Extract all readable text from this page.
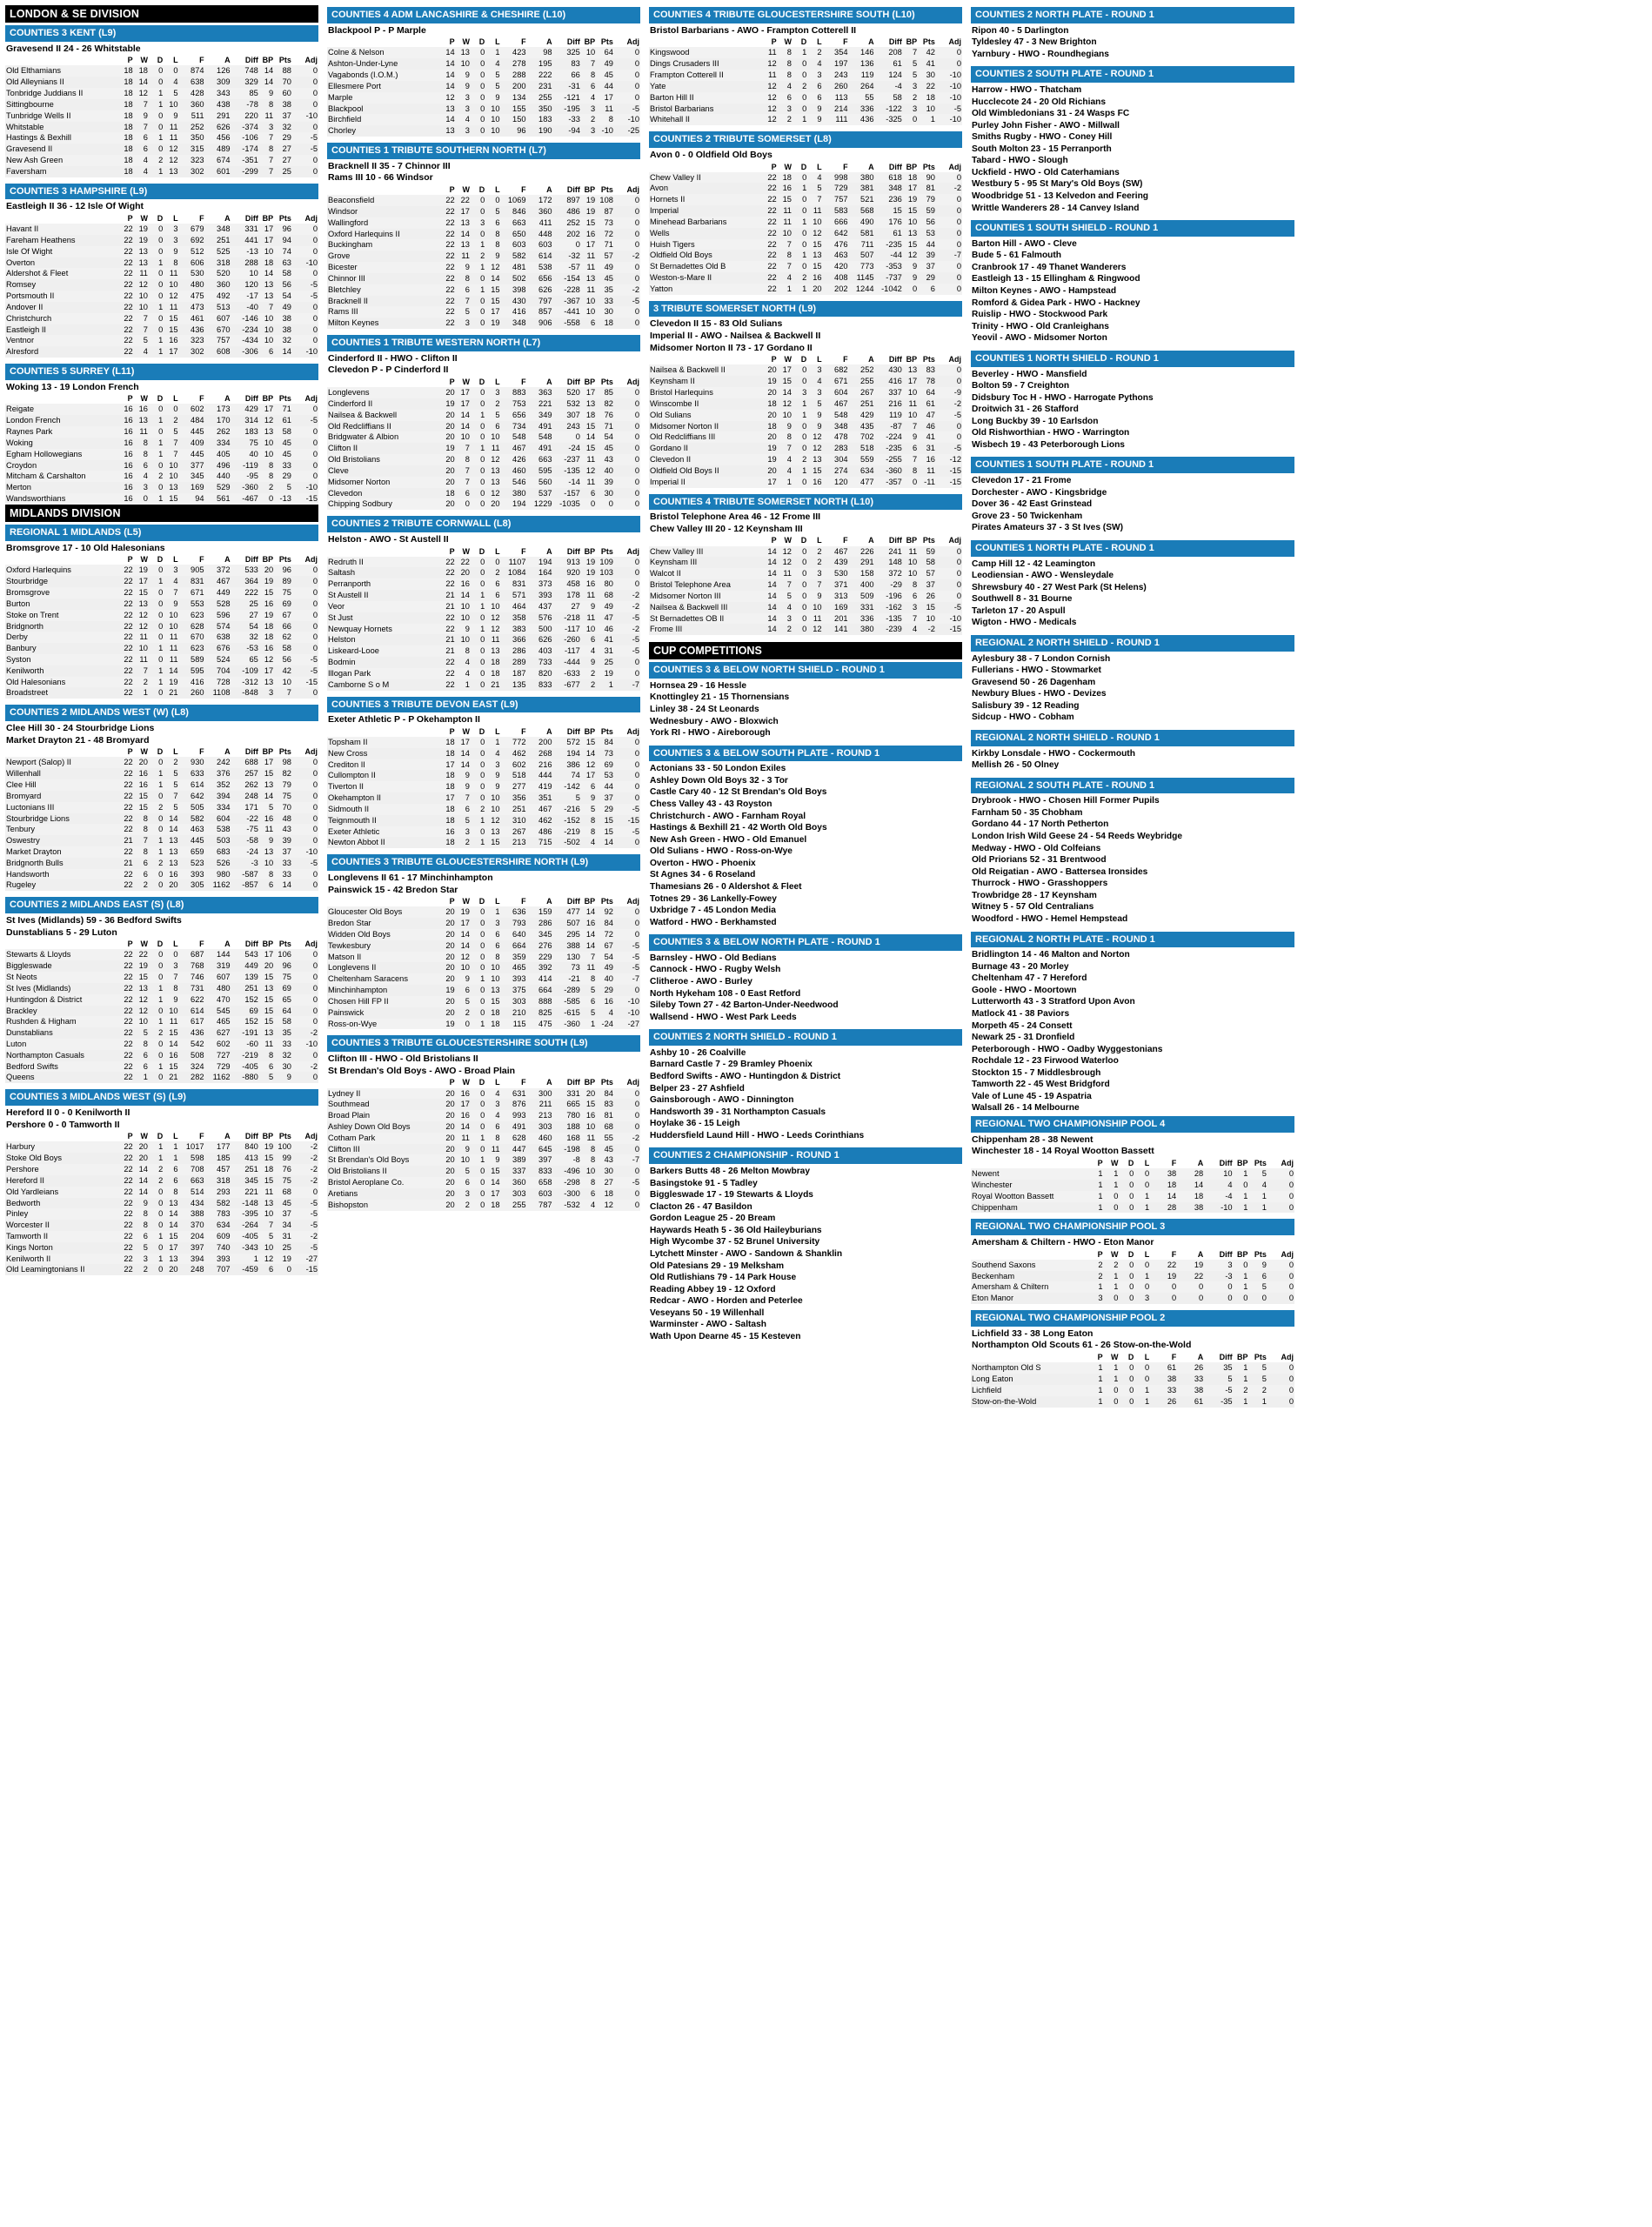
LONDON & SE DIVISION
COUNTIES 3 KENT (L9)
Gravesend II 24 - 26 Whitstable
	P	W	D	L	F	A	Diff	BP	Pts	Adj
Old Elthamians	18	18	0	0	874	126	748	14	88	0
Old Alleynians II	18	14	0	4	638	309	329	14	70	0
Tonbridge Juddians II	18	12	1	5	428	343	85	9	60	0
Sittingbourne	18	7	1	10	360	438	-78	8	38	0
Tunbridge Wells II	18	9	0	9	511	291	220	11	37	-10
Whitstable	18	7	0	11	252	626	-374	3	32	0
Hastings & Bexhill	18	6	1	11	350	456	-106	7	29	-5
Gravesend II	18	6	0	12	315	489	-174	8	27	-5
New Ash Green	18	4	2	12	323	674	-351	7	27	0
Faversham	18	4	1	13	302	601	-299	7	25	0
COUNTIES 3 HAMPSHIRE (L9)
Eastleigh II 36 - 12 Isle Of Wight
	P	W	D	L	F	A	Diff	BP	Pts	Adj
Havant II	22	19	0	3	679	348	331	17	96	0
Fareham Heathens	22	19	0	3	692	251	441	17	94	0
Isle Of Wight	22	13	0	9	512	525	-13	10	74	0
Overton	22	13	1	8	606	318	288	18	63	-10
Aldershot & Fleet	22	11	0	11	530	520	10	14	58	0
Romsey	22	12	0	10	480	360	120	13	56	-5
Portsmouth II	22	10	0	12	475	492	-17	13	54	-5
Andover II	22	10	1	11	473	513	-40	7	49	0
Christchurch	22	7	0	15	461	607	-146	10	38	0
Eastleigh II	22	7	0	15	436	670	-234	10	38	0
Ventnor	22	5	1	16	323	757	-434	10	32	0
Alresford	22	4	1	17	302	608	-306	6	14	-10
COUNTIES 5 SURREY (L11)
Woking 13 - 19 London French
	P	W	D	L	F	A	Diff	BP	Pts	Adj
Reigate	16	16	0	0	602	173	429	17	71	0
London French	16	13	1	2	484	170	314	12	61	-5
Raynes Park	16	11	0	5	445	262	183	13	58	0
Woking	16	8	1	7	409	334	75	10	45	0
Egham Hollowegians	16	8	1	7	445	405	40	10	45	0
Croydon	16	6	0	10	377	496	-119	8	33	0
Mitcham & Carshalton	16	4	2	10	345	440	-95	8	29	0
Merton	16	3	0	13	169	529	-360	2	5	-10
Wandsworthians	16	0	1	15	94	561	-467	0	-13	-15
MIDLANDS DIVISION
REGIONAL 1 MIDLANDS (L5)
Bromsgrove 17 - 10 Old Halesonians
	P	W	D	L	F	A	Diff	BP	Pts	Adj
Oxford Harlequins	22	19	0	3	905	372	533	20	96	0
Stourbridge	22	17	1	4	831	467	364	19	89	0
Bromsgrove	22	15	0	7	671	449	222	15	75	0
Burton	22	13	0	9	553	528	25	16	69	0
Stoke on Trent	22	12	0	10	623	596	27	19	67	0
Bridgnorth	22	12	0	10	628	574	54	18	66	0
Derby	22	11	0	11	670	638	32	18	62	0
Banbury	22	10	1	11	623	676	-53	16	58	0
Syston	22	11	0	11	589	524	65	12	56	-5
Kenilworth	22	7	1	14	595	704	-109	17	42	-5
Old Halesonians	22	2	1	19	416	728	-312	13	10	-15
Broadstreet	22	1	0	21	260	1108	-848	3	7	0
COUNTIES 2 MIDLANDS WEST (W) (L8)
Clee Hill 30 - 24 Stourbridge Lions
Market Drayton 21 - 48 Bromyard
	P	W	D	L	F	A	Diff	BP	Pts	Adj
Newport (Salop) II	22	20	0	2	930	242	688	17	98	0
Willenhall	22	16	1	5	633	376	257	15	82	0
Clee Hill	22	16	1	5	614	352	262	13	79	0
Bromyard	22	15	0	7	642	394	248	14	75	0
Luctonians III	22	15	2	5	505	334	171	5	70	0
Stourbridge Lions	22	8	0	14	582	604	-22	16	48	0
Tenbury	22	8	0	14	463	538	-75	11	43	0
Oswestry	21	7	1	13	445	503	-58	9	39	0
Market Drayton	22	8	1	13	659	683	-24	13	37	-10
Bridgnorth Bulls	21	6	2	13	523	526	-3	10	33	-5
Handsworth	22	6	0	16	393	980	-587	8	33	0
Rugeley	22	2	0	20	305	1162	-857	6	14	0
COUNTIES 2 MIDLANDS EAST (S) (L8)
St Ives (Midlands) 59 - 36 Bedford Swifts
Dunstablians 5 - 29 Luton
	P	W	D	L	F	A	Diff	BP	Pts	Adj
Stewarts & Lloyds	22	22	0	0	687	144	543	17	106	0
Biggleswade	22	19	0	3	768	319	449	20	96	0
St Neots	22	15	0	7	746	607	139	15	75	0
St Ives (Midlands)	22	13	1	8	731	480	251	13	69	0
Huntingdon & District	22	12	1	9	622	470	152	15	65	0
Brackley	22	12	0	10	614	545	69	15	64	0
Rushden & Higham	22	10	1	11	617	465	152	15	58	0
Dunstablians	22	5	2	15	436	627	-191	13	35	-2
Luton	22	8	0	14	542	602	-60	11	33	-10
Northampton Casuals	22	6	0	16	508	727	-219	8	32	0
Bedford Swifts	22	6	1	15	324	729	-405	6	30	-2
Queens	22	1	0	21	282	1162	-880	5	9	0
COUNTIES 3 MIDLANDS WEST (S) (L9)
Hereford II 0 - 0 Kenilworth II
Pershore 0 - 0 Tamworth II
	P	W	D	L	F	A	Diff	BP	Pts	Adj
Harbury	22	20	1	1	1017	177	840	19	100	-2
Stoke Old Boys	22	20	1	1	598	185	413	15	99	-2
Pershore	22	14	2	6	708	457	251	18	76	-2
Hereford II	22	14	2	6	663	318	345	15	75	-2
Old Yardleians	22	14	0	8	514	293	221	11	68	0
Bedworth	22	9	0	13	434	582	-148	13	45	-5
Pinley	22	8	0	14	388	783	-395	10	37	-5
Worcester II	22	8	0	14	370	634	-264	7	34	-5
Tamworth II	22	6	1	15	204	609	-405	5	31	-2
Kings Norton	22	5	0	17	397	740	-343	10	25	-5
Kenilworth II	22	3	1	13	394	393	1	12	19	-27
Old Leamingtonians II	22	2	0	20	248	707	-459	6	0	-15
COUNTIES 4 ADM LANCASHIRE & CHESHIRE (L10)
Blackpool P - P Marple
	P	W	D	L	F	A	Diff	BP	Pts	Adj
Colne & Nelson	14	13	0	1	423	98	325	10	64	0
Ashton-Under-Lyne	14	10	0	4	278	195	83	7	49	0
Vagabonds (I.O.M.)	14	9	0	5	288	222	66	8	45	0
Ellesmere Port	14	9	0	5	200	231	-31	6	44	0
Marple	12	3	0	9	134	255	-121	4	17	0
Blackpool	13	3	0	10	155	350	-195	3	11	-5
Birchfield	14	4	0	10	150	183	-33	2	8	-10
Chorley	13	3	0	10	96	190	-94	3	-10	-25
COUNTIES 1 TRIBUTE SOUTHERN NORTH (L7)
Bracknell II 35 - 7 Chinnor III
Rams III 10 - 66 Windsor
	P	W	D	L	F	A	Diff	BP	Pts	Adj
Beaconsfield	22	22	0	0	1069	172	897	19	108	0
Windsor	22	17	0	5	846	360	486	19	87	0
Wallingford	22	13	3	6	663	411	252	15	73	0
Oxford Harlequins II	22	14	0	8	650	448	202	16	72	0
Buckingham	22	13	1	8	603	603	0	17	71	0
Grove	22	11	2	9	582	614	-32	11	57	-2
Bicester	22	9	1	12	481	538	-57	11	49	0
Chinnor III	22	8	0	14	502	656	-154	13	45	0
Bletchley	22	6	1	15	398	626	-228	11	35	-2
Bracknell II	22	7	0	15	430	797	-367	10	33	-5
Rams III	22	5	0	17	416	857	-441	10	30	0
Milton Keynes	22	3	0	19	348	906	-558	6	18	0
COUNTIES 1 TRIBUTE WESTERN NORTH (L7)
Cinderford II - HWO - Clifton II
Clevedon P - P Cinderford II
	P	W	D	L	F	A	Diff	BP	Pts	Adj
Longlevens	20	17	0	3	883	363	520	17	85	0
Cinderford II	19	17	0	2	753	221	532	13	82	0
Nailsea & Backwell	20	14	1	5	656	349	307	18	76	0
Old Redcliffians II	20	14	0	6	734	491	243	15	71	0
Bridgwater & Albion	20	10	0	10	548	548	0	14	54	0
Clifton II	19	7	1	11	467	491	-24	15	45	0
Old Bristolians	20	8	0	12	426	663	-237	11	43	0
Cleve	20	7	0	13	460	595	-135	12	40	0
Midsomer Norton	20	7	0	13	546	560	-14	11	39	0
Clevedon	18	6	0	12	380	537	-157	6	30	0
Chipping Sodbury	20	0	0	20	194	1229	-1035	0	0	0
COUNTIES 2 TRIBUTE CORNWALL (L8)
Helston - AWO - St Austell II
	P	W	D	L	F	A	Diff	BP	Pts	Adj
Redruth II	22	22	0	0	1107	194	913	19	109	0
Saltash	22	20	0	2	1084	164	920	19	103	0
Perranporth	22	16	0	6	831	373	458	16	80	0
St Austell II	21	14	1	6	571	393	178	11	68	-2
Veor	21	10	1	10	464	437	27	9	49	-2
St Just	22	10	0	12	358	576	-218	11	47	-5
Newquay Hornets	22	9	1	12	383	500	-117	10	46	-2
Helston	21	10	0	11	366	626	-260	6	41	-5
Liskeard-Looe	21	8	0	13	286	403	-117	4	31	-5
Bodmin	22	4	0	18	289	733	-444	9	25	0
Illogan Park	22	4	0	18	187	820	-633	2	19	0
Camborne S o M	22	1	0	21	135	833	-677	2	1	-7
COUNTIES 3 TRIBUTE DEVON EAST (L9)
Exeter Athletic P - P Okehampton II
	P	W	D	L	F	A	Diff	BP	Pts	Adj
Topsham II	18	17	0	1	772	200	572	15	84	0
New Cross	18	14	0	4	462	268	194	14	73	0
Crediton II	17	14	0	3	602	216	386	12	69	0
Cullompton II	18	9	0	9	518	444	74	17	53	0
Tiverton II	18	9	0	9	277	419	-142	6	44	0
Okehampton II	17	7	0	10	356	351	5	9	37	0
Sidmouth II	18	6	2	10	251	467	-216	5	29	-5
Teignmouth II	18	5	1	12	310	462	-152	8	15	-15
Exeter Athletic	16	3	0	13	267	486	-219	8	15	-5
Newton Abbot II	18	2	1	15	213	715	-502	4	14	0
COUNTIES 3 TRIBUTE GLOUCESTERSHIRE NORTH (L9)
Longlevens II 61 - 17 Minchinhampton
Painswick 15 - 42 Bredon Star
	P	W	D	L	F	A	Diff	BP	Pts	Adj
Gloucester Old Boys	20	19	0	1	636	159	477	14	92	0
Bredon Star	20	17	0	3	793	286	507	16	84	0
Widden Old Boys	20	14	0	6	640	345	295	14	72	0
Tewkesbury	20	14	0	6	664	276	388	14	67	-5
Matson II	20	12	0	8	359	229	130	7	54	-5
Longlevens II	20	10	0	10	465	392	73	11	49	-5
Cheltenham Saracens	20	9	1	10	393	414	-21	8	40	-7
Minchinhampton	19	6	0	13	375	664	-289	5	29	0
Chosen Hill FP II	20	5	0	15	303	888	-585	6	16	-10
Painswick	20	2	0	18	210	825	-615	5	4	-10
Ross-on-Wye	19	0	1	18	115	475	-360	1	-24	-27
COUNTIES 3 TRIBUTE GLOUCESTERSHIRE SOUTH (L9)
Clifton III - HWO - Old Bristolians II
St Brendan's Old Boys - AWO - Broad Plain
	P	W	D	L	F	A	Diff	BP	Pts	Adj
Lydney II	20	16	0	4	631	300	331	20	84	0
Southmead	20	17	0	3	876	211	665	15	83	0
Broad Plain	20	16	0	4	993	213	780	16	81	0
Ashley Down Old Boys	20	14	0	6	491	303	188	10	68	0
Cotham Park	20	11	1	8	628	460	168	11	55	-2
Clifton III	20	9	0	11	447	645	-198	8	45	0
St Brendan's Old Boys	20	10	1	9	389	397	-8	8	43	-7
Old Bristolians II	20	5	0	15	337	833	-496	10	30	0
Bristol Aeroplane Co.	20	6	0	14	360	658	-298	8	27	-5
Aretians	20	3	0	17	303	603	-300	6	18	0
Bishopston	20	2	0	18	255	787	-532	4	12	0
COUNTIES 4 TRIBUTE GLOUCESTERSHIRE SOUTH (L10)
Bristol Barbarians - AWO - Frampton Cotterell II
	P	W	D	L	F	A	Diff	BP	Pts	Adj
Kingswood	11	8	1	2	354	146	208	7	42	0
Dings Crusaders III	12	8	0	4	197	136	61	5	41	0
Frampton Cotterell II	11	8	0	3	243	119	124	5	30	-10
Yate	12	4	2	6	260	264	-4	3	22	-10
Barton Hill II	12	6	0	6	113	55	58	2	18	-10
Bristol Barbarians	12	3	0	9	214	336	-122	3	10	-5
Whitehall II	12	2	1	9	111	436	-325	0	1	-10
COUNTIES 2 TRIBUTE SOMERSET (L8)
Avon 0 - 0 Oldfield Old Boys
	P	W	D	L	F	A	Diff	BP	Pts	Adj
Chew Valley II	22	18	0	4	998	380	618	18	90	0
Avon	22	16	1	5	729	381	348	17	81	-2
Hornets II	22	15	0	7	757	521	236	19	79	0
Imperial	22	11	0	11	583	568	15	15	59	0
Minehead Barbarians	22	11	1	10	666	490	176	10	56	0
Wells	22	10	0	12	642	581	61	13	53	0
Huish Tigers	22	7	0	15	476	711	-235	15	44	0
Oldfield Old Boys	22	8	1	13	463	507	-44	12	39	-7
St Bernadettes Old B	22	7	0	15	420	773	-353	9	37	0
Weston-s-Mare II	22	4	2	16	408	1145	-737	9	29	0
Yatton	22	1	1	20	202	1244	-1042	0	6	0
3 TRIBUTE SOMERSET NORTH (L9)
Clevedon II 15 - 83 Old Sulians
Imperial II - AWO - Nailsea & Backwell II
Midsomer Norton II 73 - 17 Gordano II
	P	W	D	L	F	A	Diff	BP	Pts	Adj
Nailsea & Backwell II	20	17	0	3	682	252	430	13	83	0
Keynsham II	19	15	0	4	671	255	416	17	78	0
Bristol Harlequins	20	14	3	3	604	267	337	10	64	-9
Winscombe II	18	12	1	5	467	251	216	11	61	-2
Old Sulians	20	10	1	9	548	429	119	10	47	-5
Midsomer Norton II	18	9	0	9	348	435	-87	7	46	0
Old Redcliffians III	20	8	0	12	478	702	-224	9	41	0
Gordano II	19	7	0	12	283	518	-235	6	31	-5
Clevedon II	19	4	2	13	304	559	-255	7	16	-12
Oldfield Old Boys II	20	4	1	15	274	634	-360	8	11	-15
Imperial II	17	1	0	16	120	477	-357	0	-11	-15
COUNTIES 4 TRIBUTE SOMERSET NORTH (L10)
Bristol Telephone Area 46 - 12 Frome III
Chew Valley III 20 - 12 Keynsham III
	P	W	D	L	F	A	Diff	BP	Pts	Adj
Chew Valley III	14	12	0	2	467	226	241	11	59	0
Keynsham III	14	12	0	2	439	291	148	10	58	0
Walcot II	14	11	0	3	530	158	372	10	57	0
Bristol Telephone Area	14	7	0	7	371	400	-29	8	37	0
Midsomer Norton III	14	5	0	9	313	509	-196	6	26	0
Nailsea & Backwell III	14	4	0	10	169	331	-162	3	15	-5
St Bernadettes OB II	14	3	0	11	201	336	-135	7	10	-10
Frome III	14	2	0	12	141	380	-239	4	-2	-15
CUP COMPETITIONS
COUNTIES 3 & BELOW NORTH SHIELD - ROUND 1
Hornsea 29 - 16 Hessle
Knottingley 21 - 15 Thornensians
Linley 38 - 24 St Leonards
Wednesbury - AWO - Bloxwich
York RI - HWO - Aireborough
COUNTIES 3 & BELOW SOUTH PLATE - ROUND 1
Actonians 33 - 50 London Exiles
Ashley Down Old Boys 32 - 3 Tor
Castle Cary 40 - 12 St Brendan's Old Boys
Chess Valley 43 - 43 Royston
Christchurch - AWO - Farnham Royal
Hastings & Bexhill 21 - 42 Worth Old Boys
New Ash Green - HWO - Old Emanuel
Old Sulians - HWO - Ross-on-Wye
Overton - HWO - Phoenix
St Agnes 34 - 6 Roseland
Thamesians 26 - 0 Aldershot & Fleet
Totnes 29 - 36 Lankelly-Fowey
Uxbridge 7 - 45 London Media
Watford - HWO - Berkhamsted
COUNTIES 3 & BELOW NORTH PLATE - ROUND 1
Barnsley - HWO - Old Bedians
Cannock - HWO - Rugby Welsh
Clitheroe - AWO - Burley
North Hykeham 108 - 0 East Retford
Sileby Town 27 - 42 Barton-Under-Needwood
Wallsend - HWO - West Park Leeds
COUNTIES 2 NORTH SHIELD - ROUND 1
Ashby 10 - 26 Coalville
Barnard Castle 7 - 29 Bramley Phoenix
Bedford Swifts - AWO - Huntingdon & District
Belper 23 - 27 Ashfield
Gainsborough - AWO - Dinnington
Handsworth 39 - 31 Northampton Casuals
Hoylake 36 - 15 Leigh
Huddersfield Laund Hill - HWO - Leeds Corinthians
COUNTIES 2 CHAMPIONSHIP - ROUND 1
Barkers Butts 48 - 26 Melton Mowbray
Basingstoke 91 - 5 Tadley
Biggleswade 17 - 19 Stewarts & Lloyds
Clacton 26 - 47 Basildon
Gordon League 25 - 20 Bream
Haywards Heath 5 - 36 Old Haileyburians
High Wycombe 37 - 52 Brunel University
Lytchett Minster - AWO - Sandown & Shanklin
Old Patesians 29 - 19 Melksham
Old Rutlishians 79 - 14 Park House
Reading Abbey 19 - 12 Oxford
Redcar - AWO - Horden and Peterlee
Veseyans 50 - 19 Willenhall
Warminster - AWO - Saltash
Wath Upon Dearne 45 - 15 Kesteven
COUNTIES 2 NORTH PLATE - ROUND 1
Ripon 40 - 5 Darlington
Tyldesley 47 - 3 New Brighton
Yarnbury - HWO - Roundhegians
COUNTIES 2 SOUTH PLATE - ROUND 1
Harrow - HWO - Thatcham
Hucclecote 24 - 20 Old Richians
Old Wimbledonians 31 - 24 Wasps FC
Purley John Fisher - AWO - Millwall
Smiths Rugby - HWO - Coney Hill
South Molton 23 - 15 Perranporth
Tabard - HWO - Slough
Uckfield - HWO - Old Caterhamians
Westbury 5 - 95 St Mary's Old Boys (SW)
Woodbridge 51 - 13 Kelvedon and Feering
Writtle Wanderers 28 - 14 Canvey Island
COUNTIES 1 SOUTH SHIELD - ROUND 1
Barton Hill - AWO - Cleve
Bude 5 - 61 Falmouth
Cranbrook 17 - 49 Thanet Wanderers
Eastleigh 13 - 15 Ellingham & Ringwood
Milton Keynes - AWO - Hampstead
Romford & Gidea Park - HWO - Hackney
Ruislip - HWO - Stockwood Park
Trinity - HWO - Old Cranleighans
Yeovil - AWO - Midsomer Norton
COUNTIES 1 NORTH SHIELD - ROUND 1
Beverley - HWO - Mansfield
Bolton 59 - 7 Creighton
Didsbury Toc H - HWO - Harrogate Pythons
Droitwich 31 - 26 Stafford
Long Buckby 39 - 10 Earlsdon
Old Rishworthian - HWO - Warrington
Wisbech 19 - 43 Peterborough Lions
COUNTIES 1 SOUTH PLATE - ROUND 1
Clevedon 17 - 21 Frome
Dorchester - AWO - Kingsbridge
Dover 36 - 42 East Grinstead
Grove 23 - 50 Twickenham
Pirates Amateurs 37 - 3 St Ives (SW)
COUNTIES 1 NORTH PLATE - ROUND 1
Camp Hill 12 - 42 Leamington
Leodiensian - AWO - Wensleydale
Shrewsbury 40 - 27 West Park (St Helens)
Southwell 8 - 31 Bourne
Tarleton 17 - 20 Aspull
Wigton - HWO - Medicals
REGIONAL 2 NORTH SHIELD - ROUND 1
Aylesbury 38 - 7 London Cornish
Fullerians - HWO - Stowmarket
Gravesend 50 - 26 Dagenham
Newbury Blues - HWO - Devizes
Salisbury 39 - 12 Reading
Sidcup - HWO - Cobham
REGIONAL 2 NORTH SHIELD - ROUND 1
Kirkby Lonsdale - HWO - Cockermouth
Mellish 26 - 50 Olney
REGIONAL 2 SOUTH PLATE - ROUND 1
Drybrook - HWO - Chosen Hill Former Pupils
Farnham 50 - 35 Chobham
Gordano 44 - 17 North Petherton
London Irish Wild Geese 24 - 54 Reeds Weybridge
Medway - HWO - Old Colfeians
Old Priorians 52 - 31 Brentwood
Old Reigatian - AWO - Battersea Ironsides
Thurrock - HWO - Grasshoppers
Trowbridge 28 - 17 Keynsham
Witney 5 - 57 Old Centralians
Woodford - HWO - Hemel Hempstead
REGIONAL 2 NORTH PLATE - ROUND 1
Bridlington 14 - 46 Malton and Norton
Burnage 43 - 20 Morley
Cheltenham 47 - 7 Hereford
Goole - HWO - Moortown
Lutterworth 43 - 3 Stratford Upon Avon
Matlock 41 - 38 Paviors
Morpeth 45 - 24 Consett
Newark 25 - 31 Dronfield
Peterborough - HWO - Oadby Wyggestonians
Rochdale 12 - 23 Firwood Waterloo
Stockton 15 - 7 Middlesbrough
Tamworth 22 - 45 West Bridgford
Vale of Lune 45 - 19 Aspatria
Walsall 26 - 14 Melbourne
REGIONAL TWO CHAMPIONSHIP POOL 4
Chippenham 28 - 38 Newent
Winchester 18 - 14 Royal Wootton Bassett
	P	W	D	L	F	A	Diff	BP	Pts	Adj
Newent	1	1	0	0	38	28	10	1	5	0
Winchester	1	1	0	0	18	14	4	0	4	0
Royal Wootton Bassett	1	0	0	1	14	18	-4	1	1	0
Chippenham	1	0	0	1	28	38	-10	1	1	0
REGIONAL TWO CHAMPIONSHIP POOL 3
Amersham & Chiltern - HWO - Eton Manor
	P	W	D	L	F	A	Diff	BP	Pts	Adj
Southend Saxons	2	2	0	0	22	19	3	0	9	0
Beckenham	2	1	0	1	19	22	-3	1	6	0
Amersham & Chiltern	1	1	0	0	0	0	0	1	5	0
Eton Manor	3	0	0	3	0	0	0	0	0	0
REGIONAL TWO CHAMPIONSHIP POOL 2
Lichfield 33 - 38 Long Eaton
Northampton Old Scouts 61 - 26 Stow-on-the-Wold
	P	W	D	L	F	A	Diff	BP	Pts	Adj
Northampton Old S	1	1	0	0	61	26	35	1	5	0
Long Eaton	1	1	0	0	38	33	5	1	5	0
Lichfield	1	0	0	1	33	38	-5	2	2	0
Stow-on-the-Wold	1	0	0	1	26	61	-35	1	1	0
